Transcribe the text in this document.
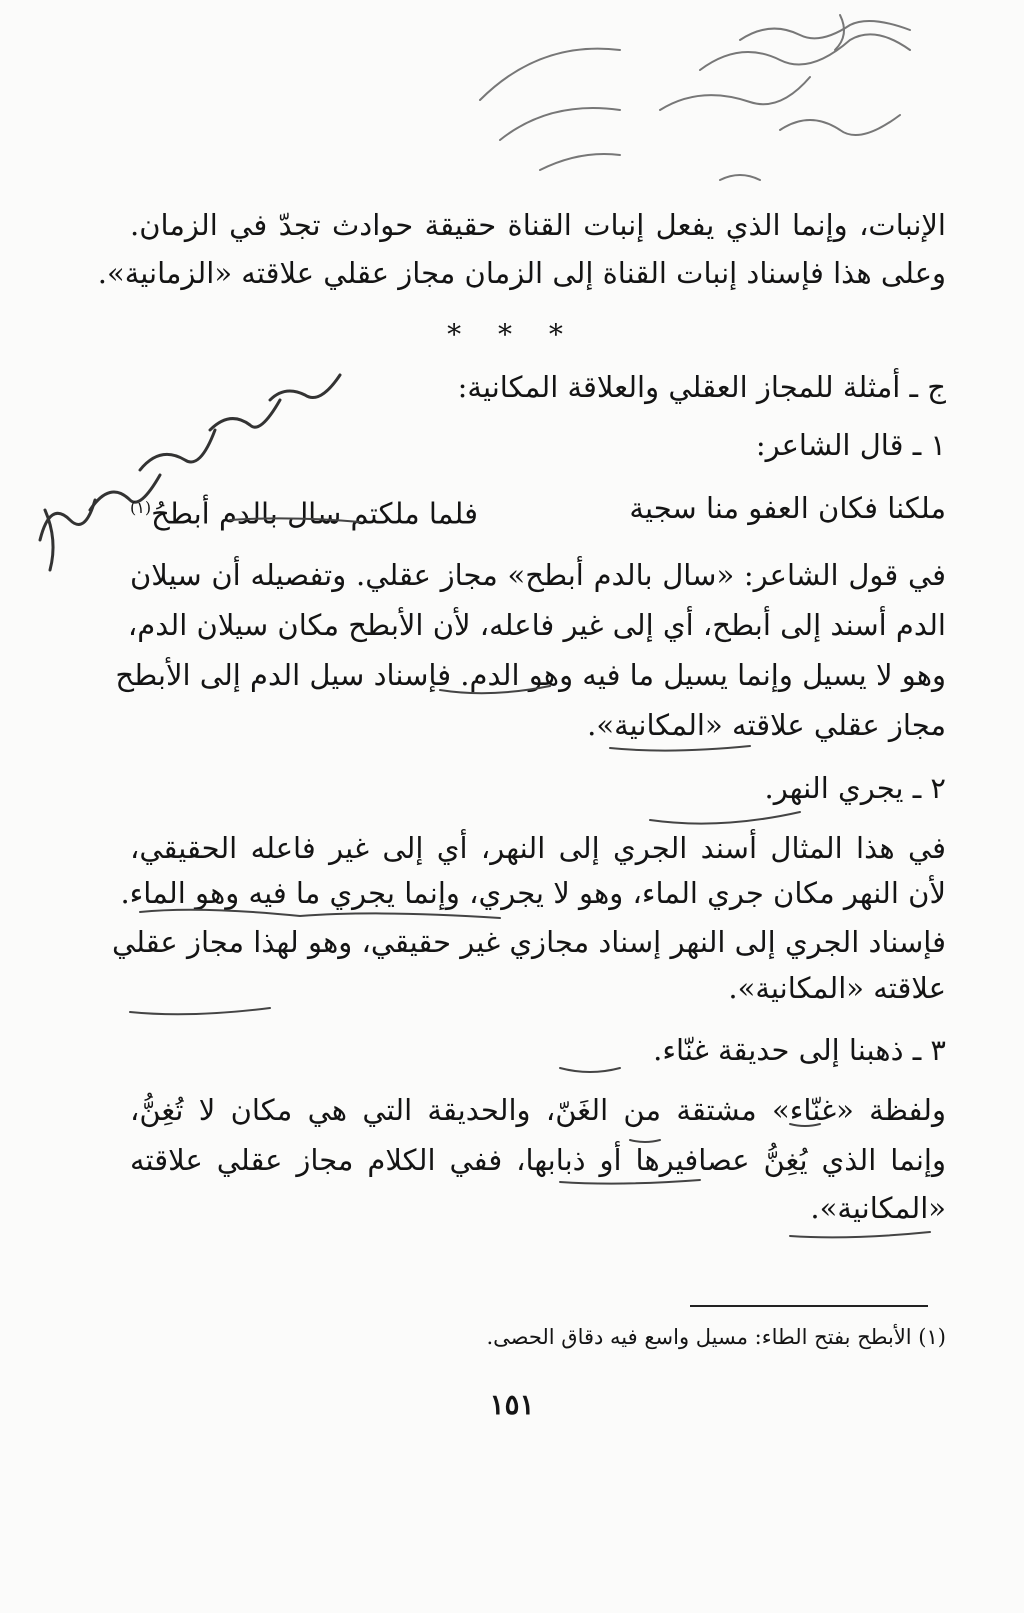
الإنبات، وإنما الذي يفعل إنبات القناة حقيقة حوادث تجدّ في الزمان.
وعلى هذا فإسناد إنبات القناة إلى الزمان مجاز عقلي علاقته «الزمانية».
* * *
ج ـ أمثلة للمجاز العقلي والعلاقة المكانية:
١ ـ قال الشاعر:
ملكنا فكان العفو منا سجية
فلما ملكتم سال بالدم أبطحُ$^{(١)}$
في قول الشاعر: «سال بالدم أبطح» مجاز عقلي. وتفصيله أن سيلان
الدم أسند إلى أبطح، أي إلى غير فاعله، لأن الأبطح مكان سيلان الدم،
وهو لا يسيل وإنما يسيل ما فيه وهو الدم. فإسناد سيل الدم إلى الأبطح
مجاز عقلي علاقته «المكانية».
٢ ـ يجري النهر.
في هذا المثال أسند الجري إلى النهر، أي إلى غير فاعله الحقيقي،
لأن النهر مكان جري الماء، وهو لا يجري، وإنما يجري ما فيه وهو الماء.
فإسناد الجري إلى النهر إسناد مجازي غير حقيقي، وهو لهذا مجاز عقلي
علاقته «المكانية».
٣ ـ ذهبنا إلى حديقة غنّاء.
ولفظة «غنّاء» مشتقة من الغَنّ، والحديقة التي هي مكان لا تُغِنُّ،
وإنما الذي يُغِنُّ عصافيرها أو ذبابها، ففي الكلام مجاز عقلي علاقته
«المكانية».
(١) الأبطح بفتح الطاء: مسيل واسع فيه دقاق الحصى.
١٥١
